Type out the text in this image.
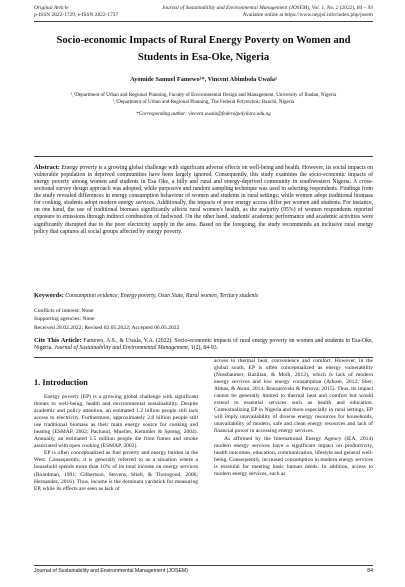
Original Article	Journal of Sustainability and Environmental Management (JOSEM), Vol. 1, No. 2 (2022), 84 – 93
p-ISSN 2822-1729, e-ISSN 2822-1737	Available online at https://www.nepjol.info/index.php/josem
Socio-economic Impacts of Rural Energy Poverty on Women and
Students in Esa-Oke, Nigeria
Ayomide Samuel Famewo¹*, Vincent Abimbola Uwala²
¹,²Department of Urban and Regional Planning, Faculty of Environmental Design and Management, University of Ibadan, Nigeria
¹,²Department of Urban and Regional Planning, The Federal Polytechnic Bauchi, Nigeria
*Corresponding author: vincent.uwala@federalpolyilaro.edu.ng
Abstract: Energy poverty is a growing global challenge with significant adverse effects on well-being and health. However, its social impacts on vulnerable population in deprived communities have been largely ignored. Consequently, this study examines the socio-economic impacts of energy poverty among women and students in Esa Oke, a hilly and rural and energy-deprived community in southwestern Nigeria. A cross-sectional survey design approach was adopted, while purposive and random sampling technique was used in selecting respondents. Findings from the study revealed differences in energy consumption behaviour of women and students in rural settings; while women adopt traditional biomass for cooking, students adopt modern energy services. Additionally, the impacts of poor energy access differ per women and students. For instance, on one hand, the use of traditional biomass significantly affects rural women's health, as the majority (95%) of women respondents reported exposure to emissions through indirect combustion of fuelwood. On the other hand, students' academic performance and academic activities were significantly disrupted due to the poor electricity supply in the area. Based on the foregoing, the study recommends an inclusive rural energy policy that captures all social groups affected by energy poverty.
Keywords: Consumption evidence, Energy poverty, Osun State, Rural women, Tertiary students
Conflicts of interest: None
Supporting agencies: None
Received 28.02.2022; Revised 02.05.2022; Accepted 06.05.2022
Cite This Article: Famewo, A.S., & Uwala, V.A. (2022). Socio-economic impacts of rural energy poverty on women and students in Esa-Oke, Nigeria. Journal of Sustainability and Environmental Management, 1(2), 84-93.
1. Introduction

Energy poverty (EP) is a growing global challenge with significant threats to well-being, health and environmental sustainability. Despite academic and policy attention, an estimated 1.2 billion people still lack access to electricity. Furthermore, approximately 2.8 billion people still use traditional biomass as their main energy source for cooking and heating (ESMAP, 2002; Pachauri, Mueller, Kemmler & Spreng, 2004). Annually, an estimated 1.5 million people die from fumes and smoke associated with open cooking (ESMAP, 2002).

EP is often conceptualized as fuel poverty and energy burden in the West. Consequently, it is generally referred to as a situation where a household spends more than 10% of its total income on energy services (Boardman, 1991; Gilbertson, Stevens, Stiell, & Thorogood, 2006; Hernandez, 2016). Thus, income is the dominant yardstick for measuring EP, while its effects are seen as lack of

access to thermal heat, convenience and comfort. However, in the global south, EP is often conceptualized as energy vulnerability (Nussbaumer, Bazilian, & Modi, 2012), which is lack of modern energy services and low energy consumption (Adusei, 2012; Sher, Abbas, & Awan, 2014; Bouzarovski & Petrova; 2015). Thus, its impact cannot be generally limited to thermal heat and comfort but would extend to essential services such as health and education. Contextualizing EP in Nigeria and more especially in rural settings, EP will imply unavailability of diverse energy resources for households, unavailability of modern, safe and clean energy resources and lack of financial power in accessing energy services.

As affirmed by the International Energy Agency (IEA, 2014) modern energy services have a significant impact on productivity, health outcomes, education, communication, lifestyle and general well-being. Consequently, increased consumption in modern energy services is essential for meeting basic human needs. In addition, access to modern energy services, such as

Journal of Sustainability and Environmental Management (JOSEM)	84
